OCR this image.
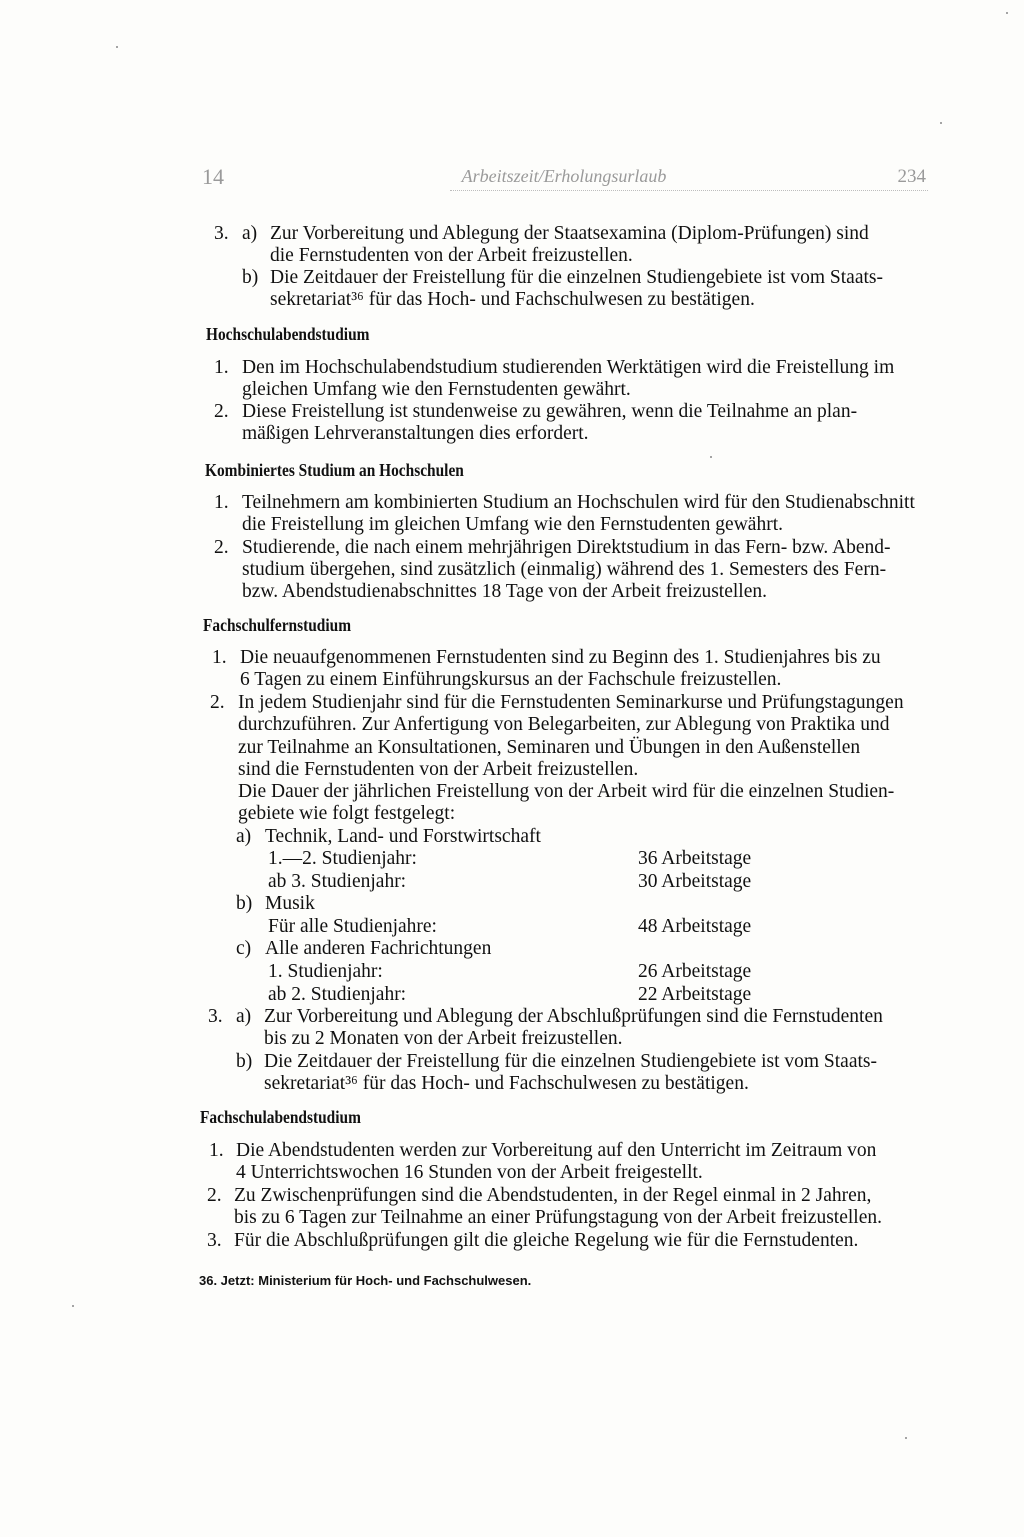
14	Arbeitszeit/Erholungsurlaub	234
3. a) Zur Vorbereitung und Ablegung der Staatsexamina (Diplom-Prüfungen) sind
die Fernstudenten von der Arbeit freizustellen.
b) Die Zeitdauer der Freistellung für die einzelnen Studiengebiete ist vom Staats-
sekretariat³⁶ für das Hoch- und Fachschulwesen zu bestätigen.
Hochschulabendstudium
1. Den im Hochschulabendstudium studierenden Werktätigen wird die Freistellung im
gleichen Umfang wie den Fernstudenten gewährt.
2. Diese Freistellung ist stundenweise zu gewähren, wenn die Teilnahme an plan-
mäßigen Lehrveranstaltungen dies erfordert.
Kombiniertes Studium an Hochschulen
1. Teilnehmern am kombinierten Studium an Hochschulen wird für den Studienabschnitt
die Freistellung im gleichen Umfang wie den Fernstudenten gewährt.
2. Studierende, die nach einem mehrjährigen Direktstudium in das Fern- bzw. Abend-
studium übergehen, sind zusätzlich (einmalig) während des 1. Semesters des Fern-
bzw. Abendstudienabschnittes 18 Tage von der Arbeit freizustellen.
Fachschulfernstudium
1. Die neuaufgenommenen Fernstudenten sind zu Beginn des 1. Studienjahres bis zu
6 Tagen zu einem Einführungskursus an der Fachschule freizustellen.
2. In jedem Studienjahr sind für die Fernstudenten Seminarkurse und Prüfungstagungen
durchzuführen. Zur Anfertigung von Belegarbeiten, zur Ablegung von Praktika und
zur Teilnahme an Konsultationen, Seminaren und Übungen in den Außenstellen
sind die Fernstudenten von der Arbeit freizustellen.
Die Dauer der jährlichen Freistellung von der Arbeit wird für die einzelnen Studien-
gebiete wie folgt festgelegt:
a) Technik, Land- und Forstwirtschaft
1.—2. Studienjahr:	36 Arbeitstage
ab 3. Studienjahr:	30 Arbeitstage
b) Musik
Für alle Studienjahre:	48 Arbeitstage
c) Alle anderen Fachrichtungen
1. Studienjahr:	26 Arbeitstage
ab 2. Studienjahr:	22 Arbeitstage
3. a) Zur Vorbereitung und Ablegung der Abschlußprüfungen sind die Fernstudenten
bis zu 2 Monaten von der Arbeit freizustellen.
b) Die Zeitdauer der Freistellung für die einzelnen Studiengebiete ist vom Staats-
sekretariat³⁶ für das Hoch- und Fachschulwesen zu bestätigen.
Fachschulabendstudium
1. Die Abendstudenten werden zur Vorbereitung auf den Unterricht im Zeitraum von
4 Unterrichtswochen 16 Stunden von der Arbeit freigestellt.
2. Zu Zwischenprüfungen sind die Abendstudenten, in der Regel einmal in 2 Jahren,
bis zu 6 Tagen zur Teilnahme an einer Prüfungstagung von der Arbeit freizustellen.
3. Für die Abschlußprüfungen gilt die gleiche Regelung wie für die Fernstudenten.
36. Jetzt: Ministerium für Hoch- und Fachschulwesen.
